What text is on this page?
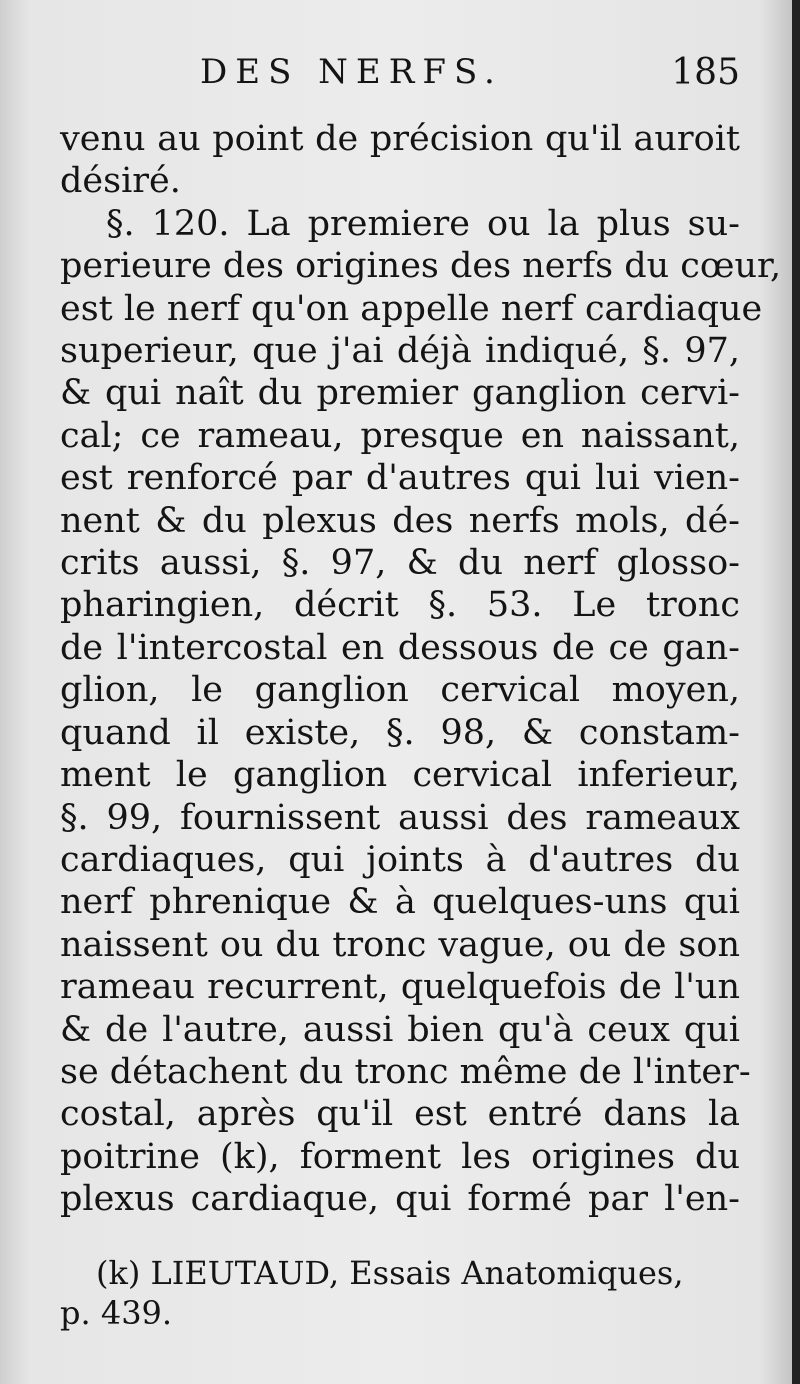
DES NERFS.	185
venu au point de précision qu'il auroit
désiré.
§. 120. La premiere ou la plus su-
perieure des origines des nerfs du cœur,
est le nerf qu'on appelle nerf cardiaque
superieur, que j'ai déjà indiqué, §. 97,
& qui naît du premier ganglion cervi-
cal; ce rameau, presque en naissant,
est renforcé par d'autres qui lui vien-
nent & du plexus des nerfs mols, dé-
crits aussi, §. 97, & du nerf glosso-
pharingien, décrit §. 53. Le tronc
de l'intercostal en dessous de ce gan-
glion, le ganglion cervical moyen,
quand il existe, §. 98, & constam-
ment le ganglion cervical inferieur,
§. 99, fournissent aussi des rameaux
cardiaques, qui joints à d'autres du
nerf phrenique & à quelques-uns qui
naissent ou du tronc vague, ou de son
rameau recurrent, quelquefois de l'un
& de l'autre, aussi bien qu'à ceux qui
se détachent du tronc même de l'inter-
costal, après qu'il est entré dans la
poitrine (k), forment les origines du
plexus cardiaque, qui formé par l'en-
(k) LIEUTAUD, Essais Anatomiques,
p. 439.
